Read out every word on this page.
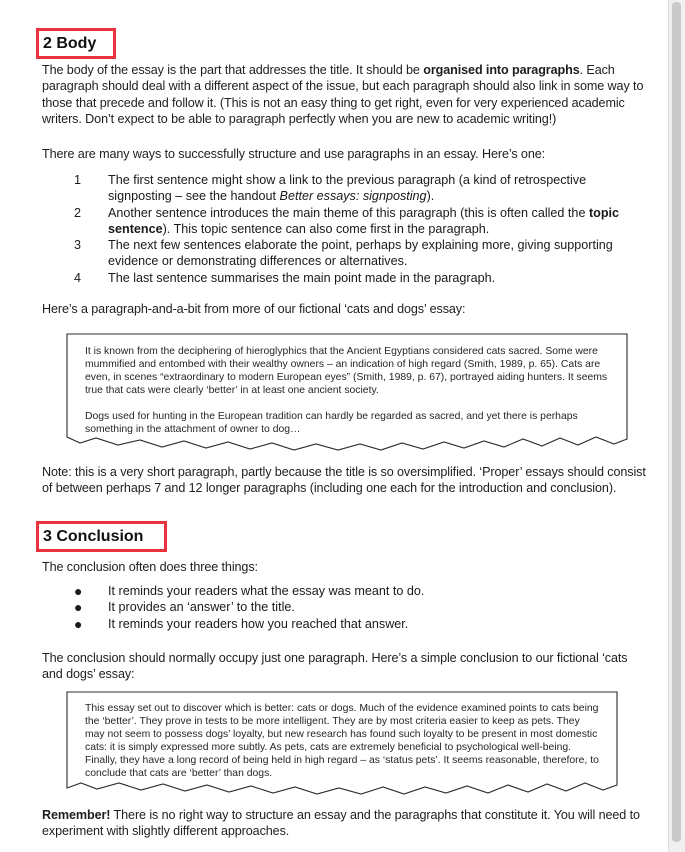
2 Body
The body of the essay is the part that addresses the title. It should be organised into paragraphs. Each paragraph should deal with a different aspect of the issue, but each paragraph should also link in some way to those that precede and follow it. (This is not an easy thing to get right, even for very experienced academic writers. Don’t expect to be able to paragraph perfectly when you are new to academic writing!)
There are many ways to successfully structure and use paragraphs in an essay. Here’s one:
1 The first sentence might show a link to the previous paragraph (a kind of retrospective signposting – see the handout Better essays: signposting).
2 Another sentence introduces the main theme of this paragraph (this is often called the topic sentence). This topic sentence can also come first in the paragraph.
3 The next few sentences elaborate the point, perhaps by explaining more, giving supporting evidence or demonstrating differences or alternatives.
4 The last sentence summarises the main point made in the paragraph.
Here’s a paragraph-and-a-bit from more of our fictional ‘cats and dogs’ essay:

It is known from the deciphering of hieroglyphics that the Ancient Egyptians considered cats sacred. Some were mummified and entombed with their wealthy owners – an indication of high regard (Smith, 1989, p. 65). Cats are even, in scenes “extraordinary to modern European eyes” (Smith, 1989, p. 67), portrayed aiding hunters. It seems true that cats were clearly ‘better’ in at least one ancient society.

Dogs used for hunting in the European tradition can hardly be regarded as sacred, and yet there is perhaps something in the attachment of owner to dog…

Note: this is a very short paragraph, partly because the title is so oversimplified. ‘Proper’ essays should consist of between perhaps 7 and 12 longer paragraphs (including one each for the introduction and conclusion).
3 Conclusion
The conclusion often does three things:
● It reminds your readers what the essay was meant to do.
● It provides an ‘answer’ to the title.
● It reminds your readers how you reached that answer.
The conclusion should normally occupy just one paragraph. Here’s a simple conclusion to our fictional ‘cats and dogs’ essay:

This essay set out to discover which is better: cats or dogs. Much of the evidence examined points to cats being the ‘better’. They prove in tests to be more intelligent. They are by most criteria easier to keep as pets. They may not seem to possess dogs’ loyalty, but new research has found such loyalty to be present in most domestic cats: it is simply expressed more subtly. As pets, cats are extremely beneficial to psychological well-being. Finally, they have a long record of being held in high regard – as ‘status pets’. It seems reasonable, therefore, to conclude that cats are ‘better’ than dogs.

Remember! There is no right way to structure an essay and the paragraphs that constitute it. You will need to experiment with slightly different approaches.
